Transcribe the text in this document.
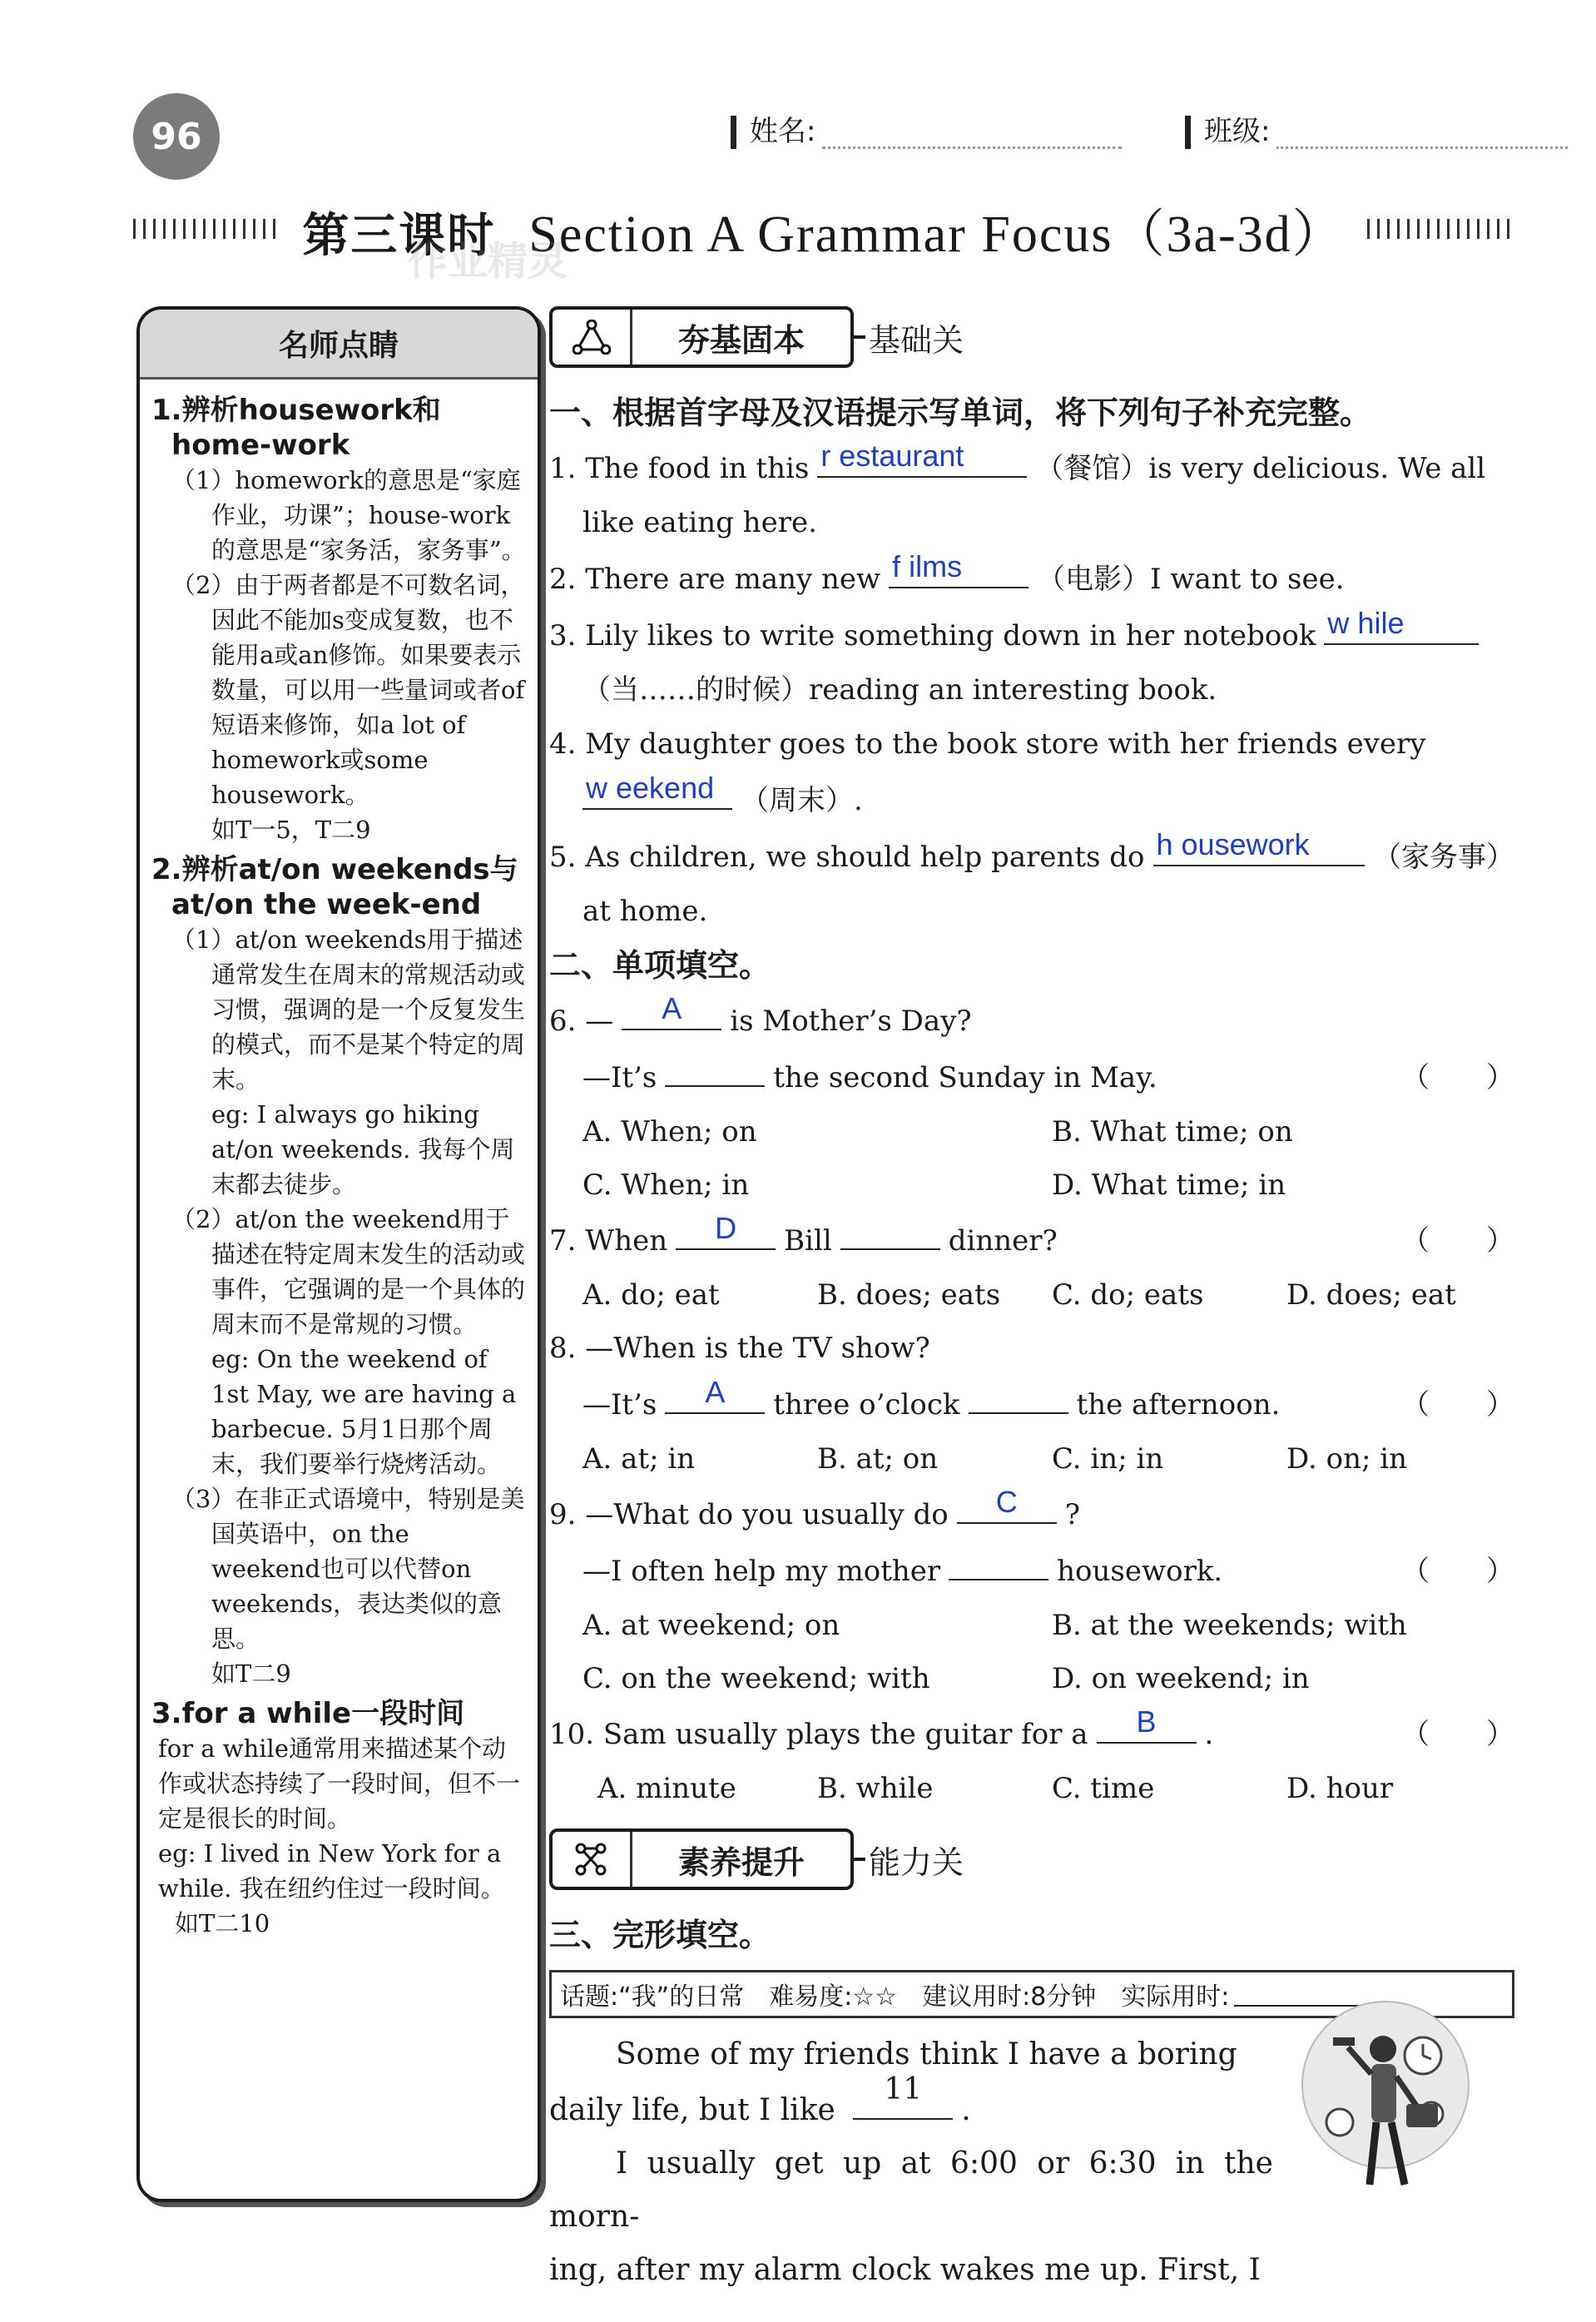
96	姓名:	班级:
第三课时 Section A Grammar Focus（3a-3d）
作业精灵
名师点睛
1.辨析housework和home-work
（1）homework的意思是“家庭作业，功课”；house-work的意思是“家务活，家务事”。
（2）由于两者都是不可数名词，因此不能加s变成复数，也不能用a或an修饰。如果要表示数量，可以用一些量词或者of短语来修饰，如a lot of homework或some housework。
如T一5，T二9
2.辨析at/on weekends与at/on the week-end
（1）at/on weekends用于描述通常发生在周末的常规活动或习惯，强调的是一个反复发生的模式，而不是某个特定的周末。
eg: I always go hiking at/on weekends. 我每个周末都去徒步。
（2）at/on the weekend用于描述在特定周末发生的活动或事件，它强调的是一个具体的周末而不是常规的习惯。
eg: On the weekend of 1st May, we are having a barbecue. 5月1日那个周末，我们要举行烧烤活动。
（3）在非正式语境中，特别是美国英语中，on the weekend也可以代替on weekends，表达类似的意思。
如T二9
3.for a while一段时间
for a while通常用来描述某个动作或状态持续了一段时间，但不一定是很长的时间。
eg: I lived in New York for a while. 我在纽约住过一段时间。
如T二10
夯基固本	基础关
一、根据首字母及汉语提示写单词，将下列句子补充完整。
1. The food in this r estaurant	（餐馆）is very delicious. We all
like eating here.
2. There are many new f ilms	（电影）I want to see.
3. Lily likes to write something down in her notebook w hile
（当……的时候）reading an interesting book.
4. My daughter goes to the book store with her friends every
w eekend （周末）.
5. As children, we should help parents do h ousework	（家务事）
at home.
二、单项填空。
6. —	A	is Mother’s Day?
—It’s	the second Sunday in May.	（　　）
A. When; on	B. What time; on
C. When; in	D. What time; in
7. When	D	Bill	dinner?	（　　）
A. do; eat	B. does; eats	C. do; eats	D. does; eat
8. —When is the TV show?
—It’s	A	three o’clock	the afternoon.	（　　）
A. at; in	B. at; on	C. in; in	D. on; in
9. —What do you usually do	C	?
—I often help my mother	housework.	（　　）
A. at weekend; on	B. at the weekends; with
C. on the weekend; with	D. on weekend; in
10. Sam usually plays the guitar for a	B	.	（　　）
A. minute	B. while	C. time	D. hour
素养提升	能力关
三、完形填空。
话题:“我”的日常　难易度:☆☆　建议用时:8分钟　实际用时:

Some of my friends think I have a boring

daily life, but I like
11
.

I usually get up at 6:00 or 6:30 in the morn-

ing, after my alarm clock wakes me up. First, I
